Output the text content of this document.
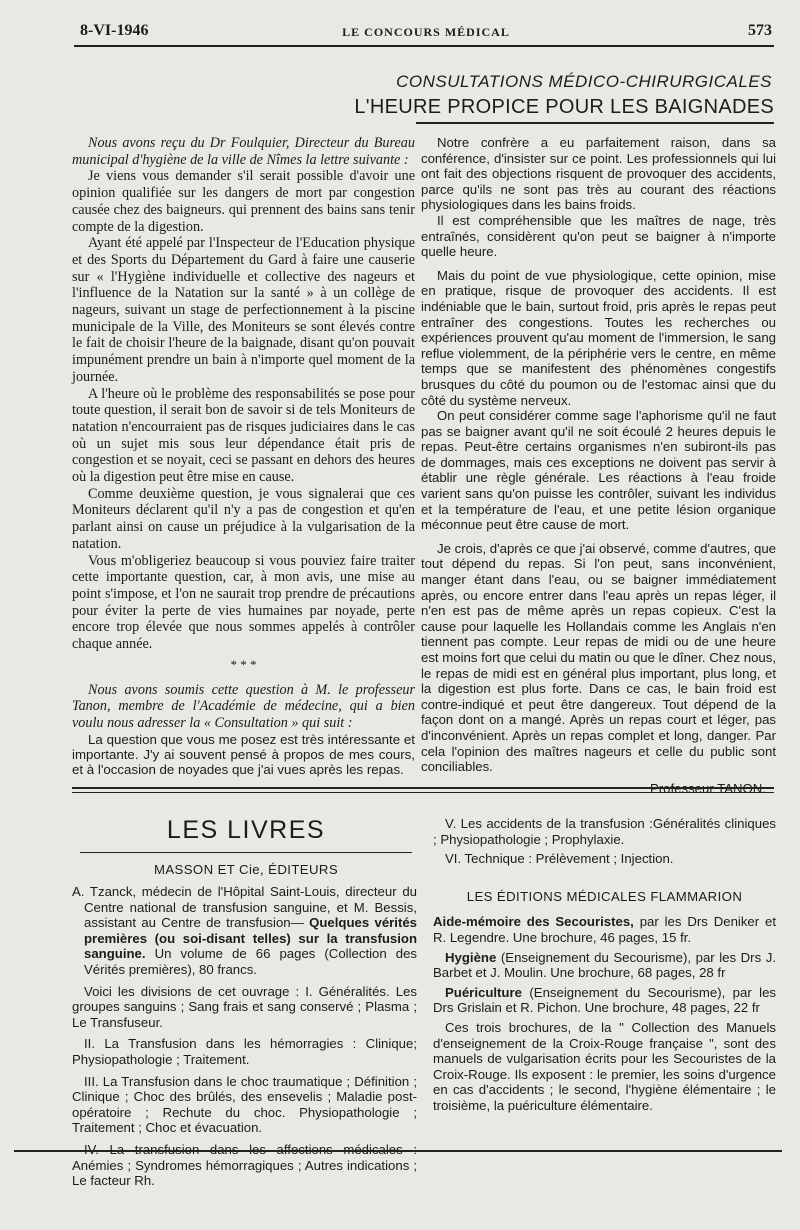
8-VI-1946	LE CONCOURS MÉDICAL	573
CONSULTATIONS MÉDICO-CHIRURGICALES
L'HEURE PROPICE POUR LES BAIGNADES

Nous avons reçu du Dr Foulquier, Directeur du Bureau municipal d'hygiène de la ville de Nîmes la lettre suivante :

Je viens vous demander s'il serait possible d'avoir une opinion qualifiée sur les dangers de mort par congestion causée chez des baigneurs. qui prennent des bains sans tenir compte de la digestion.

Ayant été appelé par l'Inspecteur de l'Education physique et des Sports du Département du Gard à faire une causerie sur « l'Hygiène individuelle et collective des nageurs et l'influence de la Natation sur la santé » à un collège de nageurs, suivant un stage de perfectionnement à la piscine municipale de la Ville, des Moniteurs se sont élevés contre le fait de choisir l'heure de la baignade, disant qu'on pouvait impunément prendre un bain à n'importe quel moment de la journée.

A l'heure où le problème des responsabilités se pose pour toute question, il serait bon de savoir si de tels Moniteurs de natation n'encourraient pas de risques judiciaires dans le cas où un sujet mis sous leur dépendance était pris de congestion et se noyait, ceci se passant en dehors des heures où la digestion peut être mise en cause.

Comme deuxième question, je vous signalerai que ces Moniteurs déclarent qu'il n'y a pas de congestion et qu'en parlant ainsi on cause un préjudice à la vulgarisation de la natation.

Vous m'obligeriez beaucoup si vous pouviez faire traiter cette importante question, car, à mon avis, une mise au point s'impose, et l'on ne saurait trop prendre de précautions pour éviter la perte de vies humaines par noyade, perte encore trop élevée que nous sommes appelés à contrôler chaque année.

* * *

Nous avons soumis cette question à M. le professeur Tanon, membre de l'Académie de médecine, qui a bien voulu nous adresser la « Consultation » qui suit :

La question que vous me posez est très intéressante et importante. J'y ai souvent pensé à propos de mes cours, et à l'occasion de noyades que j'ai vues après les repas.

Notre confrère a eu parfaitement raison, dans sa conférence, d'insister sur ce point. Les professionnels qui lui ont fait des objections risquent de provoquer des accidents, parce qu'ils ne sont pas très au courant des réactions physiologiques dans les bains froids.

Il est compréhensible que les maîtres de nage, très entraînés, considèrent qu'on peut se baigner à n'importe quelle heure.

Mais du point de vue physiologique, cette opinion, mise en pratique, risque de provoquer des accidents. Il est indéniable que le bain, surtout froid, pris après le repas peut entraîner des congestions. Toutes les recherches ou expériences prouvent qu'au moment de l'immersion, le sang reflue violemment, de la périphérie vers le centre, en même temps que se manifestent des phénomènes congestifs brusques du côté du poumon ou de l'estomac ainsi que du côté du système nerveux.

On peut considérer comme sage l'aphorisme qu'il ne faut pas se baigner avant qu'il ne soit écoulé 2 heures depuis le repas. Peut-être certains organismes n'en subiront-ils pas de dommages, mais ces exceptions ne doivent pas servir à établir une règle générale. Les réactions à l'eau froide varient sans qu'on puisse les contrôler, suivant les individus et la température de l'eau, et une petite lésion organique méconnue peut être cause de mort.

Je crois, d'après ce que j'ai observé, comme d'autres, que tout dépend du repas. Si l'on peut, sans inconvénient, manger étant dans l'eau, ou se baigner immédiatement après, ou encore entrer dans l'eau après un repas léger, il n'en est pas de même après un repas copieux. C'est la cause pour laquelle les Hollandais comme les Anglais n'en tiennent pas compte. Leur repas de midi ou de une heure est moins fort que celui du matin ou que le dîner. Chez nous, le repas de midi est en général plus important, plus long, et la digestion est plus forte. Dans ce cas, le bain froid est contre-indiqué et peut être dangereux. Tout dépend de la façon dont on a mangé. Après un repas court et léger, pas d'inconvénient. Après un repas complet et long, danger. Par cela l'opinion des maîtres nageurs et celle du public sont conciliables.

Professeur TANON.

LES LIVRES
MASSON ET Cie, ÉDITEURS

A. Tzanck, médecin de l'Hôpital Saint-Louis, directeur du Centre national de transfusion sanguine, et M. Bessis, assistant au Centre de transfusion— Quelques vérités premières (ou soi-disant telles) sur la transfusion sanguine. Un volume de 66 pages (Collection des Vérités premières), 80 francs.

Voici les divisions de cet ouvrage : I. Généralités. Les groupes sanguins ; Sang frais et sang conservé ; Plasma ; Le Transfuseur.

II. La Transfusion dans les hémorragies : Clinique; Physiopathologie ; Traitement.

III. La Transfusion dans le choc traumatique ; Définition ; Clinique ; Choc des brûlés, des ensevelis ; Maladie post-opératoire ; Rechute du choc. Physiopathologie ; Traitement ; Choc et évacuation.

IV. La transfusion dans les affections médicales : Anémies ; Syndromes hémorragiques ; Autres indications ; Le facteur Rh.

V. Les accidents de la transfusion :Généralités cliniques ; Physiopathologie ; Prophylaxie.

VI. Technique : Prélèvement ; Injection.

LES ÉDITIONS MÉDICALES FLAMMARION

Aide-mémoire des Secouristes, par les Drs Deniker et R. Legendre. Une brochure, 46 pages, 15 fr.

Hygiène (Enseignement du Secourisme), par les Drs J. Barbet et J. Moulin. Une brochure, 68 pages, 28 fr

Puériculture (Enseignement du Secourisme), par les Drs Grislain et R. Pichon. Une brochure, 48 pages, 22 fr

Ces trois brochures, de la " Collection des Manuels d'enseignement de la Croix-Rouge française ", sont des manuels de vulgarisation écrits pour les Secouristes de la Croix-Rouge. Ils exposent : le premier, les soins d'urgence en cas d'accidents ; le second, l'hygiène élémentaire ; le troisième, la puériculture élémentaire.
